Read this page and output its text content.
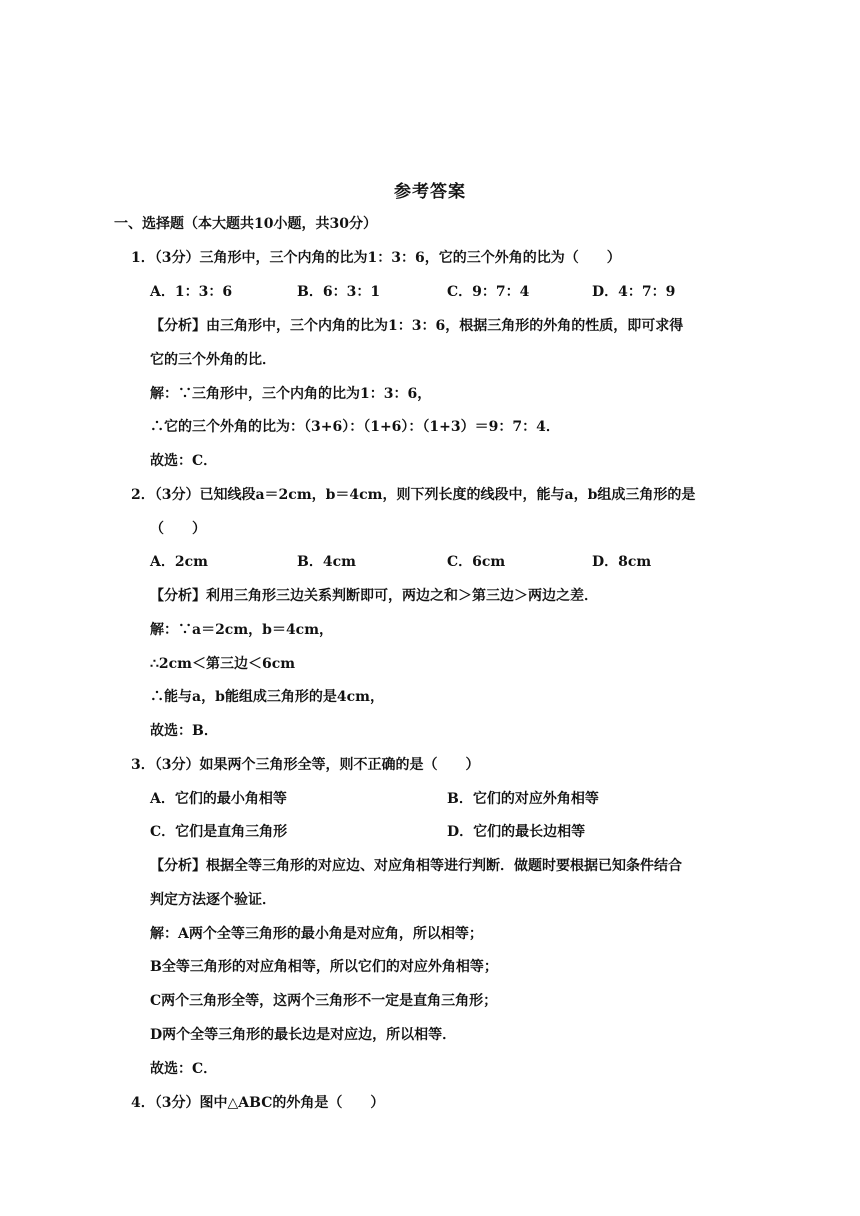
参考答案
一、选择题（本大题共10小题，共30分）
1．（3分）三角形中，三个内角的比为1：3：6，它的三个外角的比为（　　）
A．1：3：6	B．6：3：1	C．9：7：4	D．4：7：9
【分析】由三角形中，三个内角的比为1：3：6，根据三角形的外角的性质，即可求得
它的三个外角的比．
解：∵三角形中，三个内角的比为1：3：6，
∴它的三个外角的比为：（3+6）：（1+6）：（1+3）＝9：7：4．
故选：C．
2．（3分）已知线段a＝2cm，b＝4cm，则下列长度的线段中，能与a，b组成三角形的是
（　　）
A．2cm	B．4cm	C．6cm	D．8cm
【分析】利用三角形三边关系判断即可，两边之和＞第三边＞两边之差．
解：∵a＝2cm，b＝4cm，
∴2cm＜第三边＜6cm
∴能与a，b能组成三角形的是4cm，
故选：B．
3．（3分）如果两个三角形全等，则不正确的是（　　）
A．它们的最小角相等	B．它们的对应外角相等
C．它们是直角三角形	D．它们的最长边相等
【分析】根据全等三角形的对应边、对应角相等进行判断．做题时要根据已知条件结合
判定方法逐个验证．
解：A两个全等三角形的最小角是对应角，所以相等；
B全等三角形的对应角相等，所以它们的对应外角相等；
C两个三角形全等，这两个三角形不一定是直角三角形；
D两个全等三角形的最长边是对应边，所以相等．
故选：C．
4．（3分）图中△ABC的外角是（　　）
